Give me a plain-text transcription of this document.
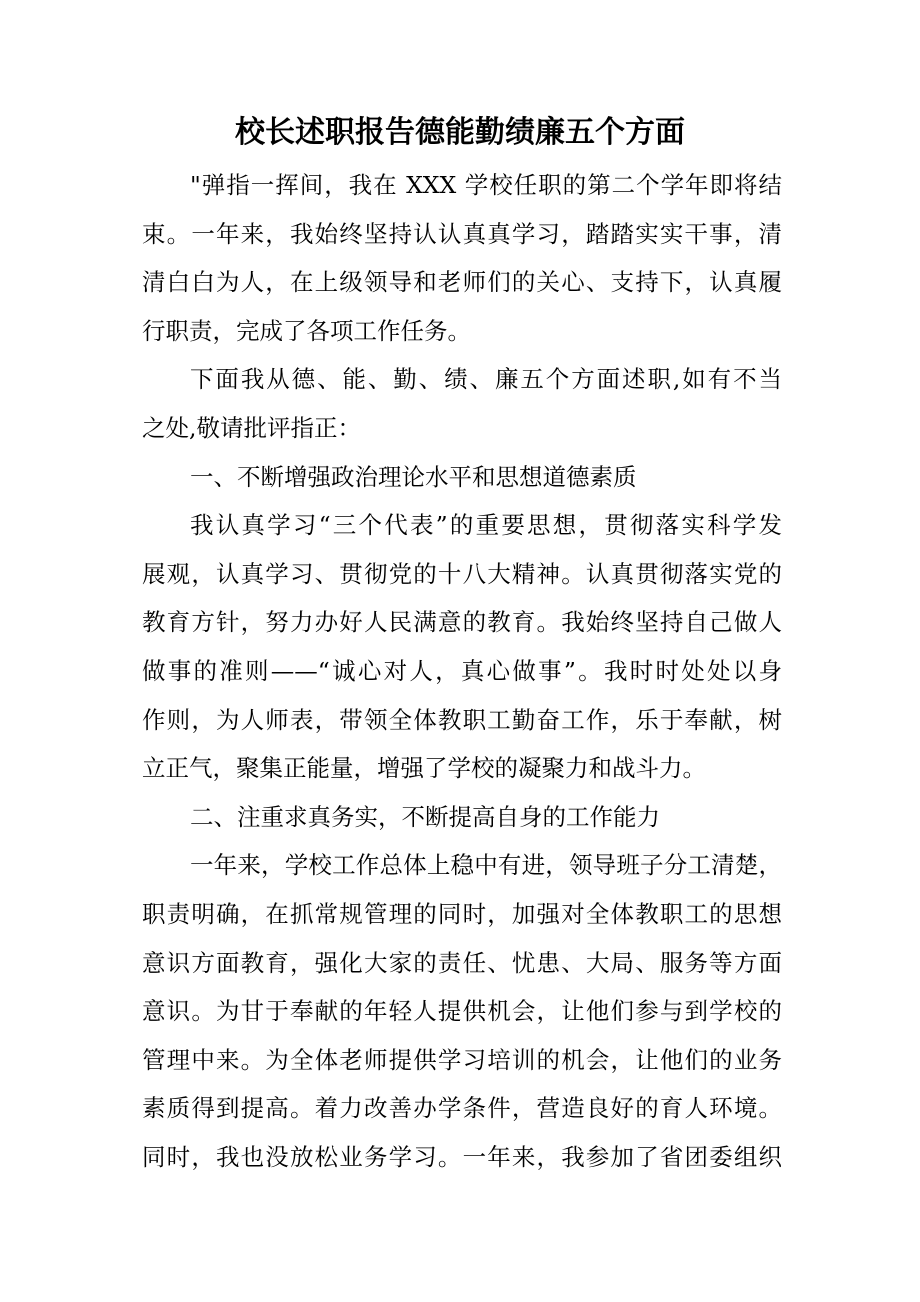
校长述职报告德能勤绩廉五个方面
"弹指一挥间，我在 XXX 学校任职的第二个学年即将结
束。一年来，我始终坚持认认真真学习，踏踏实实干事，清
清白白为人，在上级领导和老师们的关心、支持下，认真履
行职责，完成了各项工作任务。
下面我从德、能、勤、绩、廉五个方面述职,如有不当
之处,敬请批评指正：
一、不断增强政治理论水平和思想道德素质
我认真学习“三个代表”的重要思想，贯彻落实科学发
展观，认真学习、贯彻党的十八大精神。认真贯彻落实党的
教育方针，努力办好人民满意的教育。我始终坚持自己做人
做事的准则——“诚心对人，真心做事”。我时时处处以身
作则，为人师表，带领全体教职工勤奋工作，乐于奉献，树
立正气，聚集正能量，增强了学校的凝聚力和战斗力。
二、注重求真务实，不断提高自身的工作能力
一年来，学校工作总体上稳中有进，领导班子分工清楚，
职责明确，在抓常规管理的同时，加强对全体教职工的思想
意识方面教育，强化大家的责任、忧患、大局、服务等方面
意识。为甘于奉献的年轻人提供机会，让他们参与到学校的
管理中来。为全体老师提供学习培训的机会，让他们的业务
素质得到提高。着力改善办学条件，营造良好的育人环境。
同时，我也没放松业务学习。一年来，我参加了省团委组织
